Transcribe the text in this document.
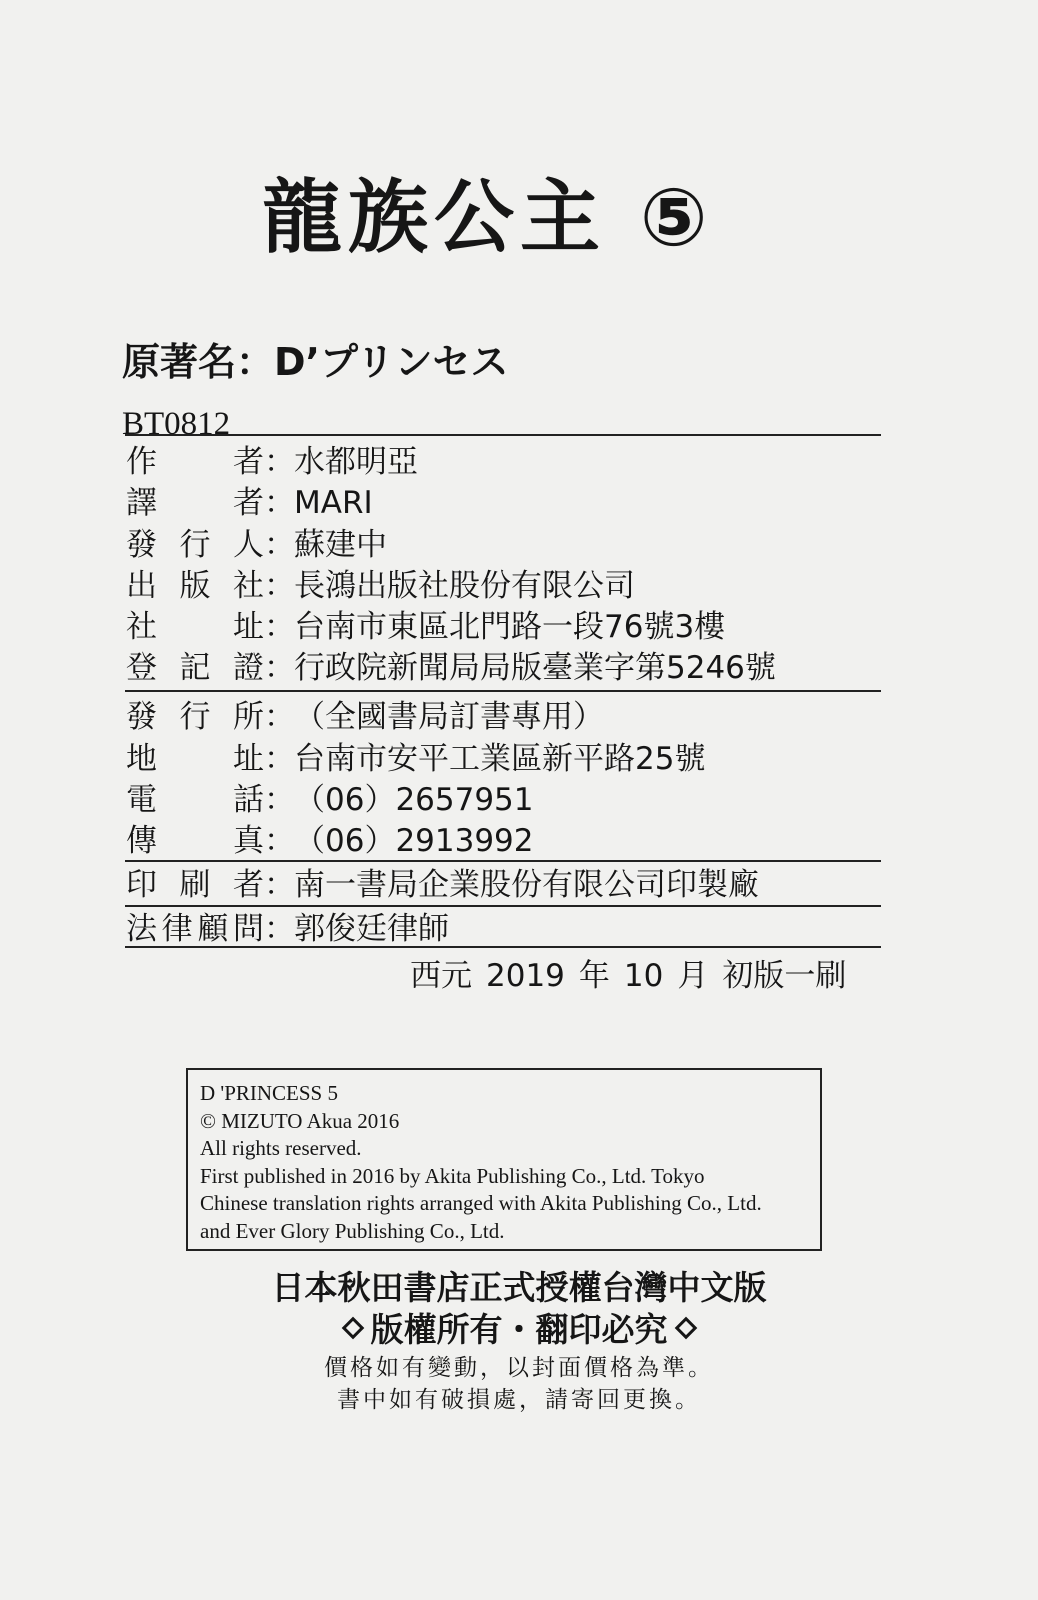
龍族公主 ⑤
原著名：D’プリンセス
BT0812
作者 ： 水都明亞
譯者 ： MARI
發行人 ： 蘇建中
出版社 ： 長鴻出版社股份有限公司
社址 ： 台南市東區北門路一段76號3樓
登記證 ： 行政院新聞局局版臺業字第5246號
發行所 ： （全國書局訂書專用）
地址 ： 台南市安平工業區新平路25號
電話 ： （06）2657951
傳真 ： （06）2913992
印刷者 ： 南一書局企業股份有限公司印製廠
法律顧問 ： 郭俊廷律師
西元 2019 年 10 月 初版一刷
D 'PRINCESS 5
© MIZUTO Akua 2016
All rights reserved.
First published in 2016 by Akita Publishing Co., Ltd. Tokyo
Chinese translation rights arranged with Akita Publishing Co., Ltd.
and Ever Glory Publishing Co., Ltd.
日本秋田書店正式授權台灣中文版
版權所有・翻印必究
價格如有變動，以封面價格為準。
書中如有破損處，請寄回更換。
